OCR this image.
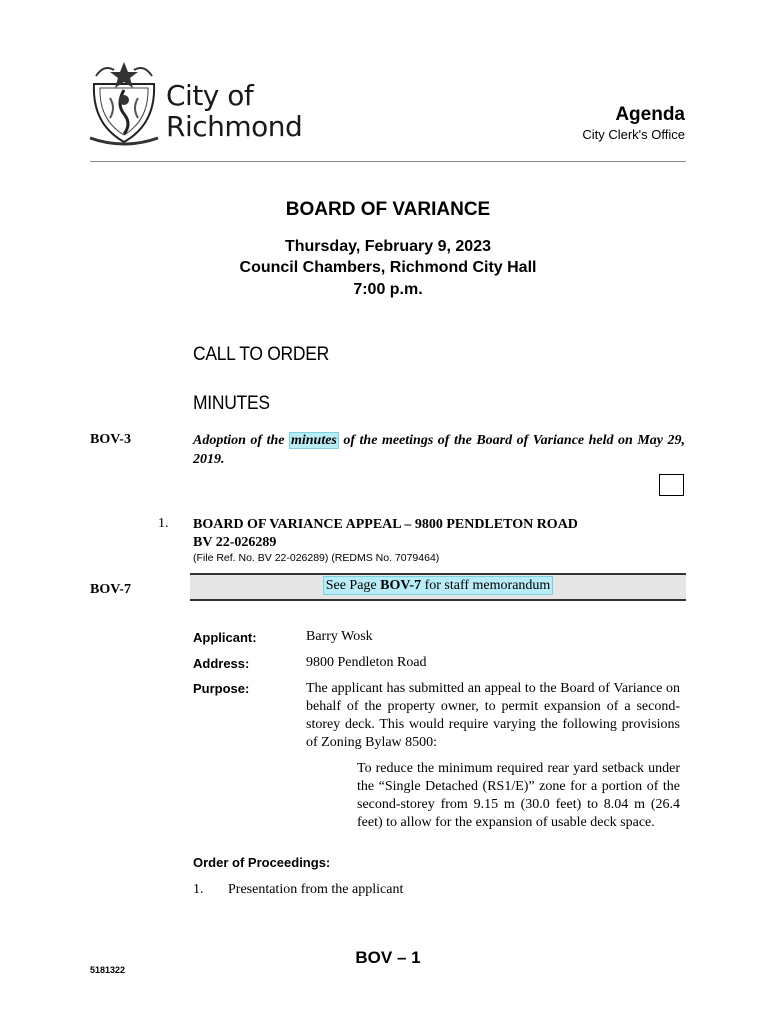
City of
Richmond	Agenda
City Clerk's Office
BOARD OF VARIANCE
Thursday, February 9, 2023
Council Chambers, Richmond City Hall
7:00 p.m.
CALL TO ORDER
MINUTES
BOV-3	Adoption of the minutes of the meetings of the Board of Variance held on May 29, 2019.
1. BOARD OF VARIANCE APPEAL – 9800 PENDLETON ROAD
BV 22-026289
(File Ref. No. BV 22-026289) (REDMS No. 7079464)
BOV-7	See Page BOV-7 for staff memorandum
Applicant:	Barry Wosk
Address:	9800 Pendleton Road
Purpose:	The applicant has submitted an appeal to the Board of Variance on behalf of the property owner, to permit expansion of a second-storey deck. This would require varying the following provisions of Zoning Bylaw 8500:
To reduce the minimum required rear yard setback under the “Single Detached (RS1/E)” zone for a portion of the second-storey from 9.15 m (30.0 feet) to 8.04 m (26.4 feet) to allow for the expansion of usable deck space.
Order of Proceedings:
1. Presentation from the applicant
BOV – 1
5181322
